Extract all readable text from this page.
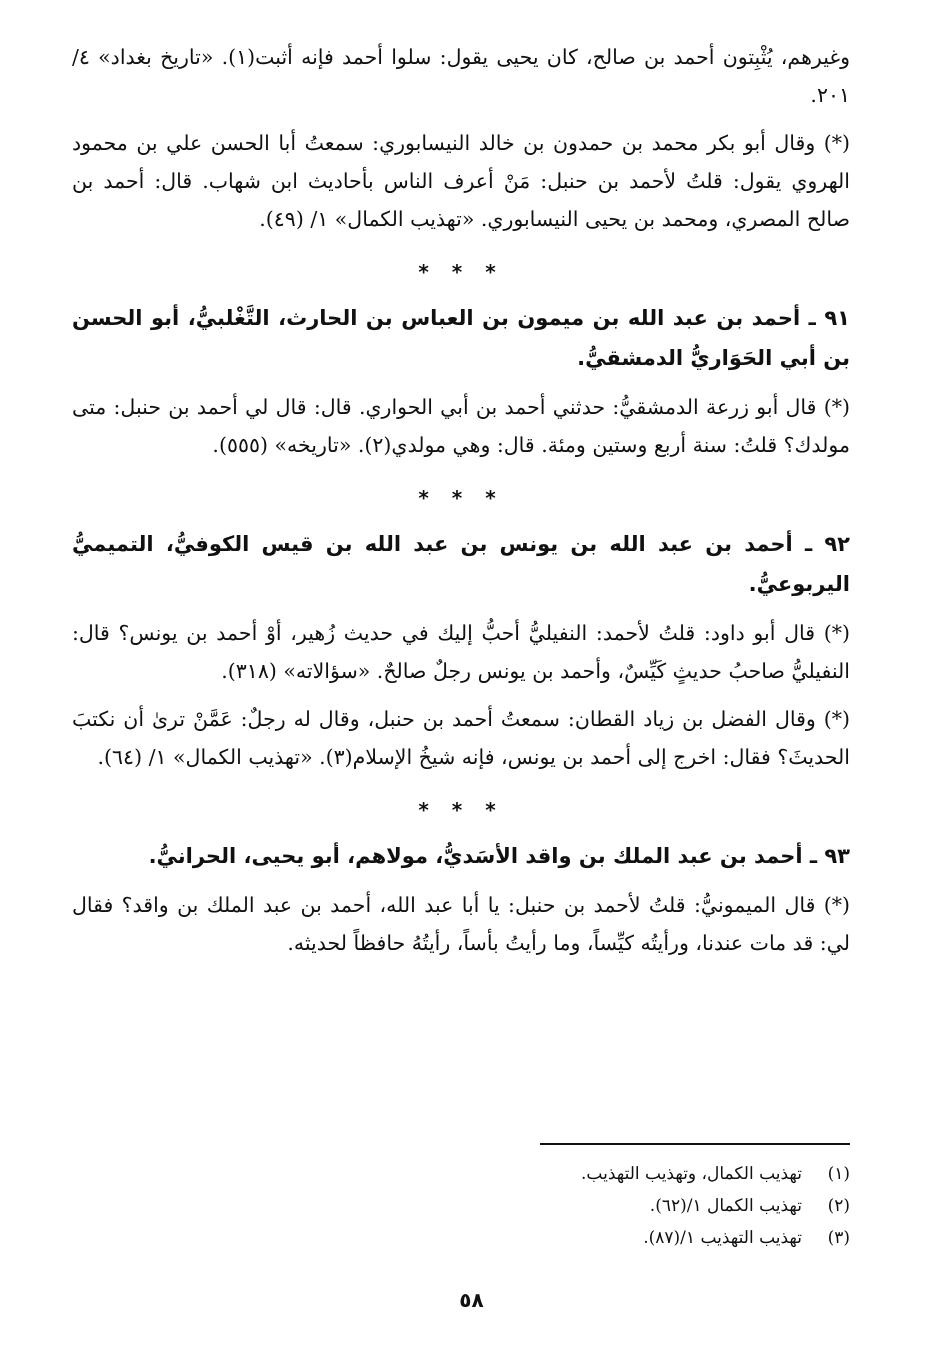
وغيرهم، يُثْبِتون أحمد بن صالح، كان يحيى يقول: سلوا أحمد فإنه أثبت(١). «تاريخ بغداد» ٤/ ٢٠١.

(*) وقال أبو بكر محمد بن حمدون بن خالد النيسابوري: سمعتُ أبا الحسن علي بن محمود الهروي يقول: قلتُ لأحمد بن حنبل: مَنْ أعرف الناس بأحاديث ابن شهاب. قال: أحمد بن صالح المصري، ومحمد بن يحيى النيسابوري. «تهذيب الكمال» ١/ (٤٩).

* * *

٩١ ـ أحمد بن عبد الله بن ميمون بن العباس بن الحارث، التَّغْلبيُّ، أبو الحسن بن أبي الحَوَاريُّ الدمشقيُّ.

(*) قال أبو زرعة الدمشقيُّ: حدثني أحمد بن أبي الحواري. قال: قال لي أحمد بن حنبل: متى مولدك؟ قلتُ: سنة أربع وستين ومئة. قال: وهي مولدي(٢). «تاريخه» (٥٥٥).

* * *

٩٢ ـ أحمد بن عبد الله بن يونس بن عبد الله بن قيس الكوفيُّ، التميميُّ اليربوعيُّ.

(*) قال أبو داود: قلتُ لأحمد: النفيليُّ أحبُّ إليك في حديث زُهير، أوْ أحمد بن يونس؟ قال: النفيليُّ صاحبُ حديثٍ كَيِّسٌ، وأحمد بن يونس رجلٌ صالحٌ. «سؤالاته» (٣١٨).

(*) وقال الفضل بن زياد القطان: سمعتُ أحمد بن حنبل، وقال له رجلٌ: عَمَّنْ ترىٰ أن نكتبَ الحديثَ؟ فقال: اخرج إلى أحمد بن يونس، فإنه شيخُ الإسلام(٣). «تهذيب الكمال» ١/ (٦٤).

* * *

٩٣ ـ أحمد بن عبد الملك بن واقد الأسَديُّ، مولاهم، أبو يحيى، الحرانيُّ.

(*) قال الميمونيُّ: قلتُ لأحمد بن حنبل: يا أبا عبد الله، أحمد بن عبد الملك بن واقد؟ فقال لي: قد مات عندنا، ورأيتُه كيِّساً، وما رأيتُ بأساً، رأيتُهُ حافظاً لحديثه.

(١)
تهذيب الكمال، وتهذيب التهذيب.
(٢)
تهذيب الكمال ١/(٦٢).
(٣)
تهذيب التهذيب ١/(٨٧).
٥٨
